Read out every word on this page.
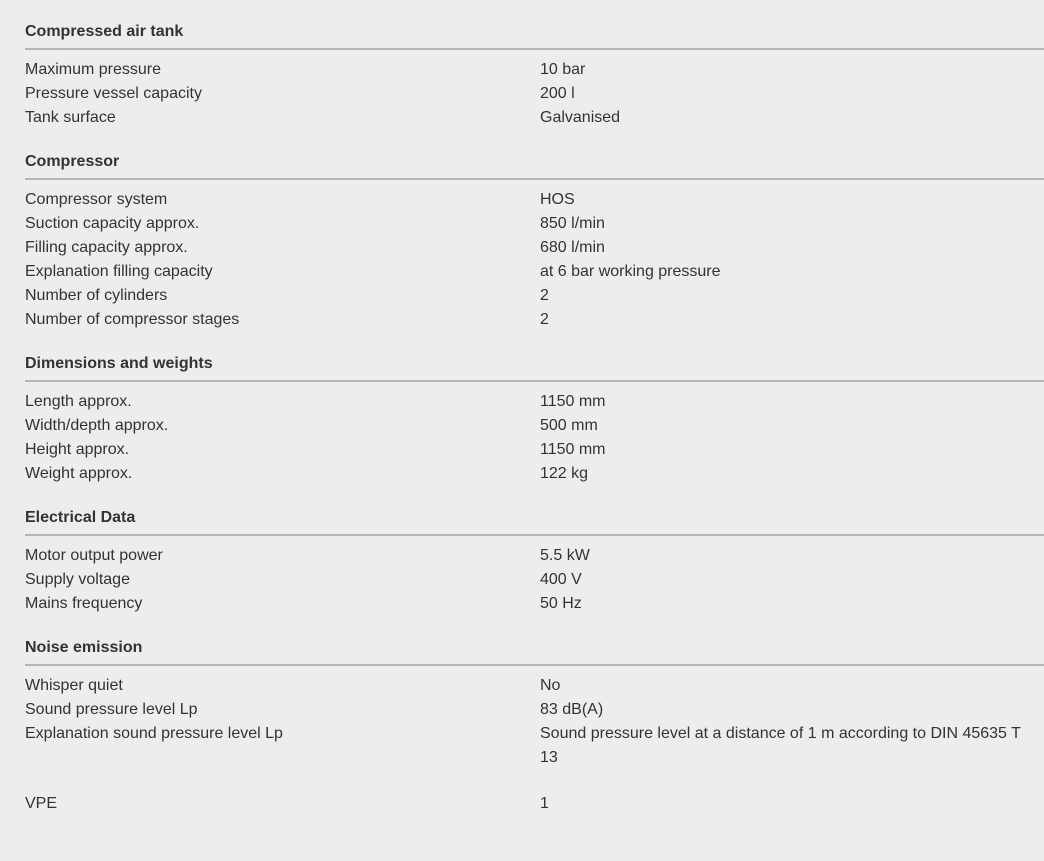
Compressed air tank
Maximum pressure	10 bar
Pressure vessel capacity	200 l
Tank surface	Galvanised
Compressor
Compressor system	HOS
Suction capacity approx.	850 l/min
Filling capacity approx.	680 l/min
Explanation filling capacity	at 6 bar working pressure
Number of cylinders	2
Number of compressor stages	2
Dimensions and weights
Length approx.	1150 mm
Width/depth approx.	500 mm
Height approx.	1150 mm
Weight approx.	122 kg
Electrical Data
Motor output power	5.5 kW
Supply voltage	400 V
Mains frequency	50 Hz
Noise emission
Whisper quiet	No
Sound pressure level Lp	83 dB(A)
Explanation sound pressure level Lp	Sound pressure level at a distance of 1 m according to DIN 45635 T 13
VPE	1
